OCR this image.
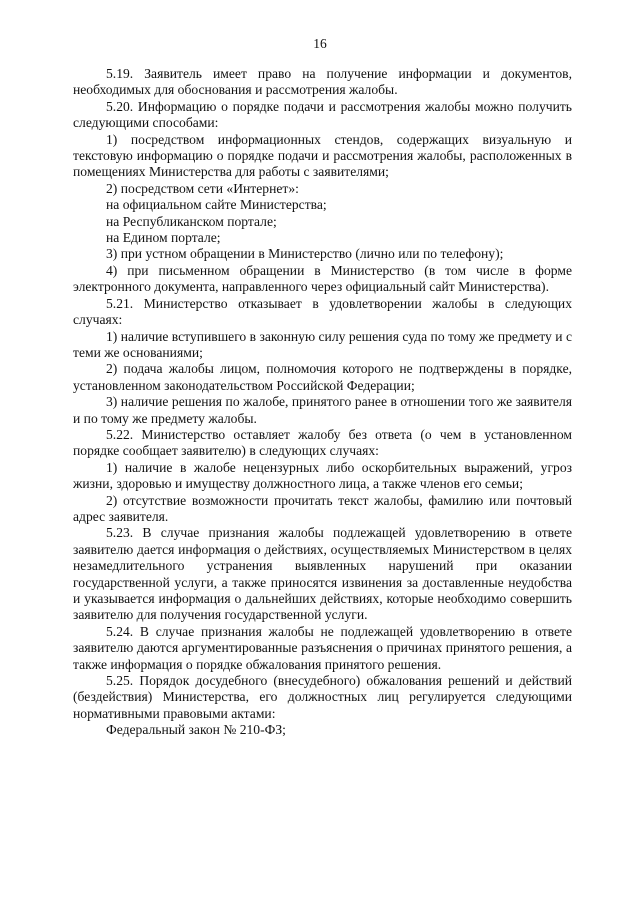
16

5.19. Заявитель имеет право на получение информации и документов, необходимых для обоснования и рассмотрения жалобы.

5.20. Информацию о порядке подачи и рассмотрения жалобы можно получить следующими способами:

1) посредством информационных стендов, содержащих визуальную и текстовую информацию о порядке подачи и рассмотрения жалобы, расположенных в помещениях Министерства для работы с заявителями;

2) посредством сети «Интернет»:

на официальном сайте Министерства;

на Республиканском портале;

на Едином портале;

3) при устном обращении в Министерство (лично или по телефону);

4) при письменном обращении в Министерство (в том числе в форме электронного документа, направленного через официальный сайт Министерства).

5.21. Министерство отказывает в удовлетворении жалобы в следующих случаях:

1) наличие вступившего в законную силу решения суда по тому же предмету и с теми же основаниями;

2) подача жалобы лицом, полномочия которого не подтверждены в порядке, установленном законодательством Российской Федерации;

3) наличие решения по жалобе, принятого ранее в отношении того же заявителя и по тому же предмету жалобы.

5.22. Министерство оставляет жалобу без ответа (о чем в установленном порядке сообщает заявителю) в следующих случаях:

1) наличие в жалобе нецензурных либо оскорбительных выражений, угроз жизни, здоровью и имуществу должностного лица, а также членов его семьи;

2) отсутствие возможности прочитать текст жалобы, фамилию или почтовый адрес заявителя.

5.23. В случае признания жалобы подлежащей удовлетворению в ответе заявителю дается информация о действиях, осуществляемых Министерством в целях незамедлительного устранения выявленных нарушений при оказании государственной услуги, а также приносятся извинения за доставленные неудобства и указывается информация о дальнейших действиях, которые необходимо совершить заявителю для получения государственной услуги.

5.24. В случае признания жалобы не подлежащей удовлетворению в ответе заявителю даются аргументированные разъяснения о причинах принятого решения, а также информация о порядке обжалования принятого решения.

5.25. Порядок досудебного (внесудебного) обжалования решений и действий (бездействия) Министерства, его должностных лиц регулируется следующими нормативными правовыми актами:

Федеральный закон № 210-ФЗ;
